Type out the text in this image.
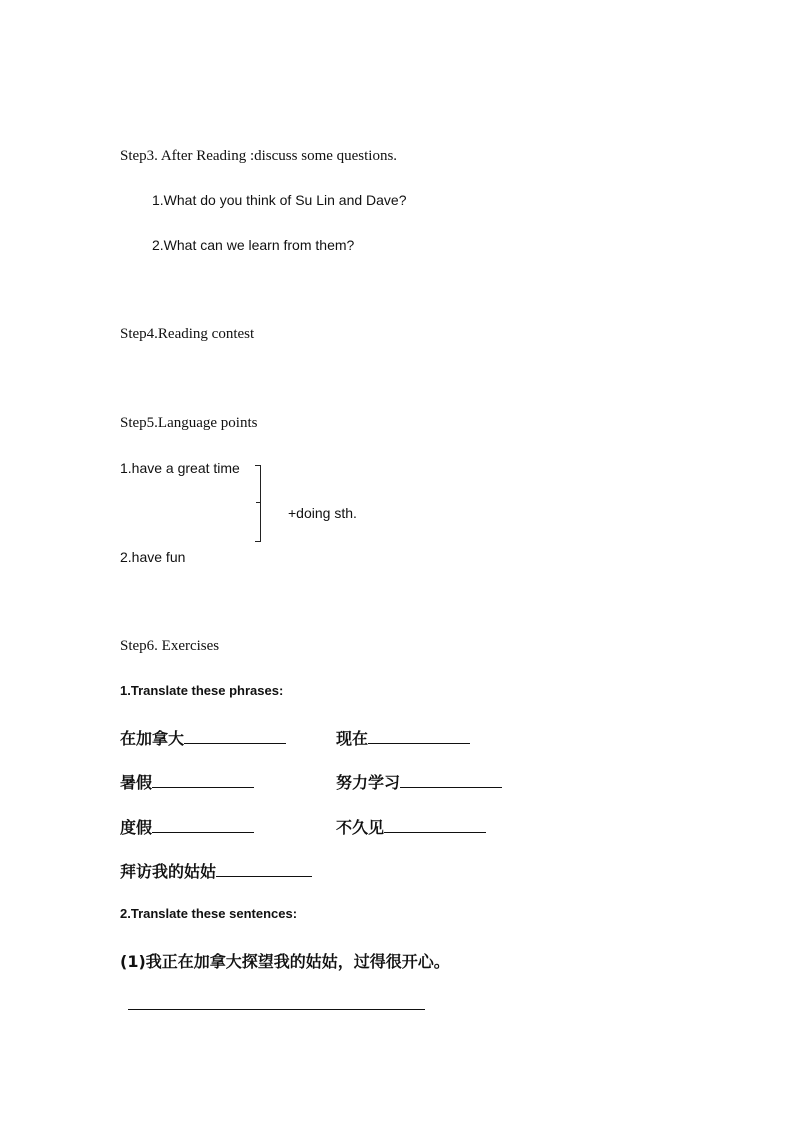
Step3. After Reading :discuss some questions.
1.What do you think of Su Lin and Dave?
2.What can we learn from them?
Step4.Reading contest
Step5.Language points
1.have a great time
+doing sth.
2.have fun
Step6. Exercises
1.Translate these phrases:
在加拿大	现在
暑假	努力学习
度假	不久见
拜访我的姑姑
2.Translate these sentences:
(1)我正在加拿大探望我的姑姑，过得很开心。
